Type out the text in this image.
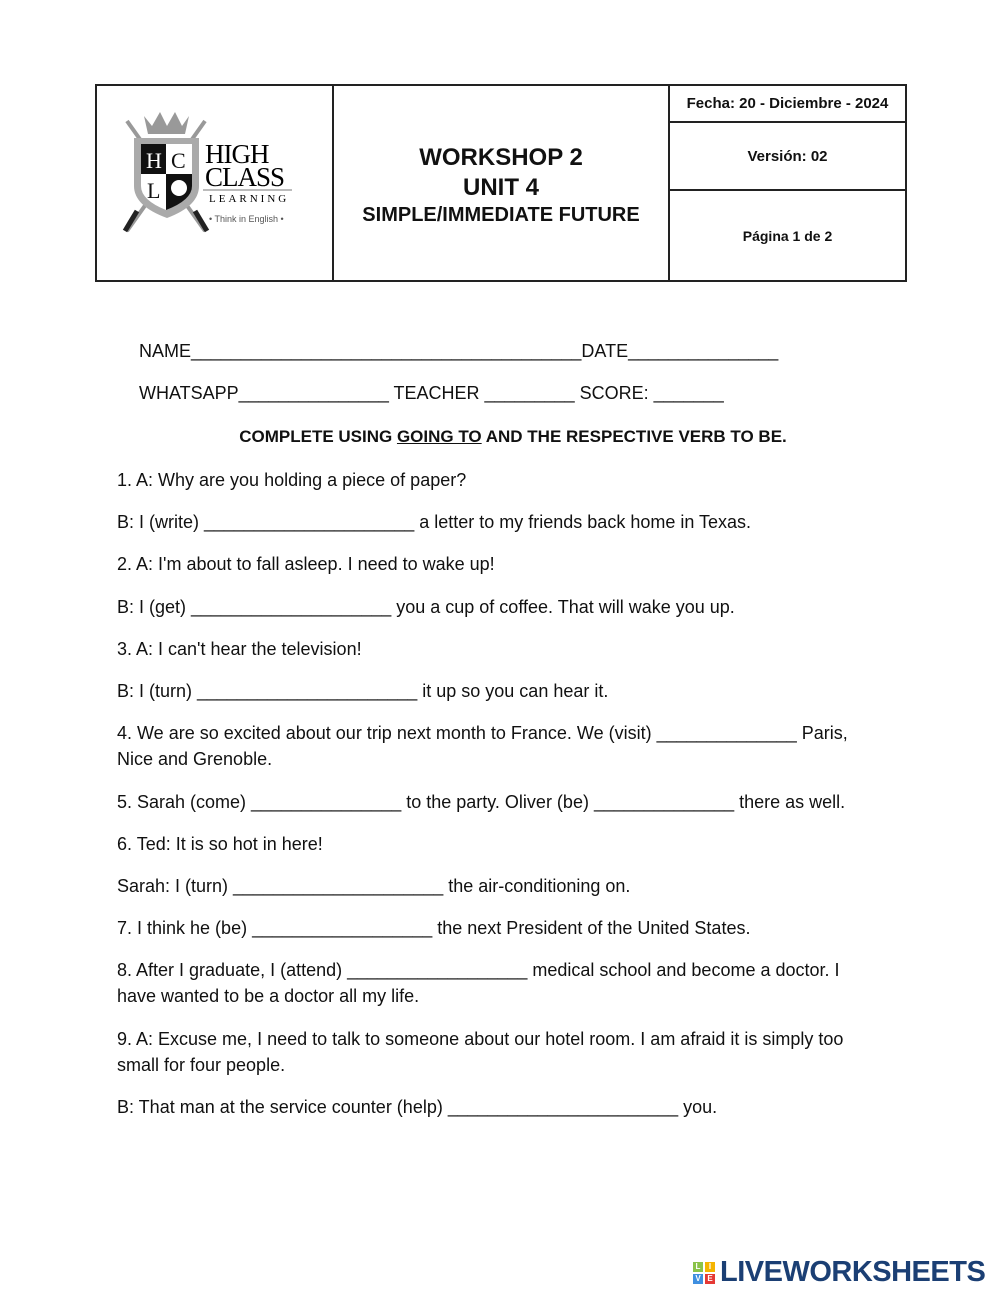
H C
L
HIGH
CLASS
LEARNING
• Think in English •
WORKSHOP 2
UNIT 4
SIMPLE/IMMEDIATE FUTURE
Fecha: 20 - Diciembre - 2024
Versión: 02
Página 1 de 2
NAME_______________________________________DATE_______________
WHATSAPP_______________ TEACHER _________ SCORE: _______
COMPLETE USING GOING TO AND THE RESPECTIVE VERB TO BE.
1. A: Why are you holding a piece of paper?
B: I (write) _____________________ a letter to my friends back home in Texas.
2. A: I'm about to fall asleep. I need to wake up!
B: I (get) ____________________ you a cup of coffee. That will wake you up.
3. A: I can't hear the television!
B: I (turn) ______________________ it up so you can hear it.
4. We are so excited about our trip next month to France. We (visit) ______________ Paris,
Nice and Grenoble.
5. Sarah (come) _______________ to the party. Oliver (be) ______________ there as well.
6. Ted: It is so hot in here!
Sarah: I (turn) _____________________ the air-conditioning on.
7. I think he (be) __________________ the next President of the United States.
8. After I graduate, I (attend) __________________ medical school and become a doctor. I
have wanted to be a doctor all my life.
9. A: Excuse me, I need to talk to someone about our hotel room. I am afraid it is simply too
small for four people.
B: That man at the service counter (help) _______________________ you.
L IV E LIVEWORKSHEETS
